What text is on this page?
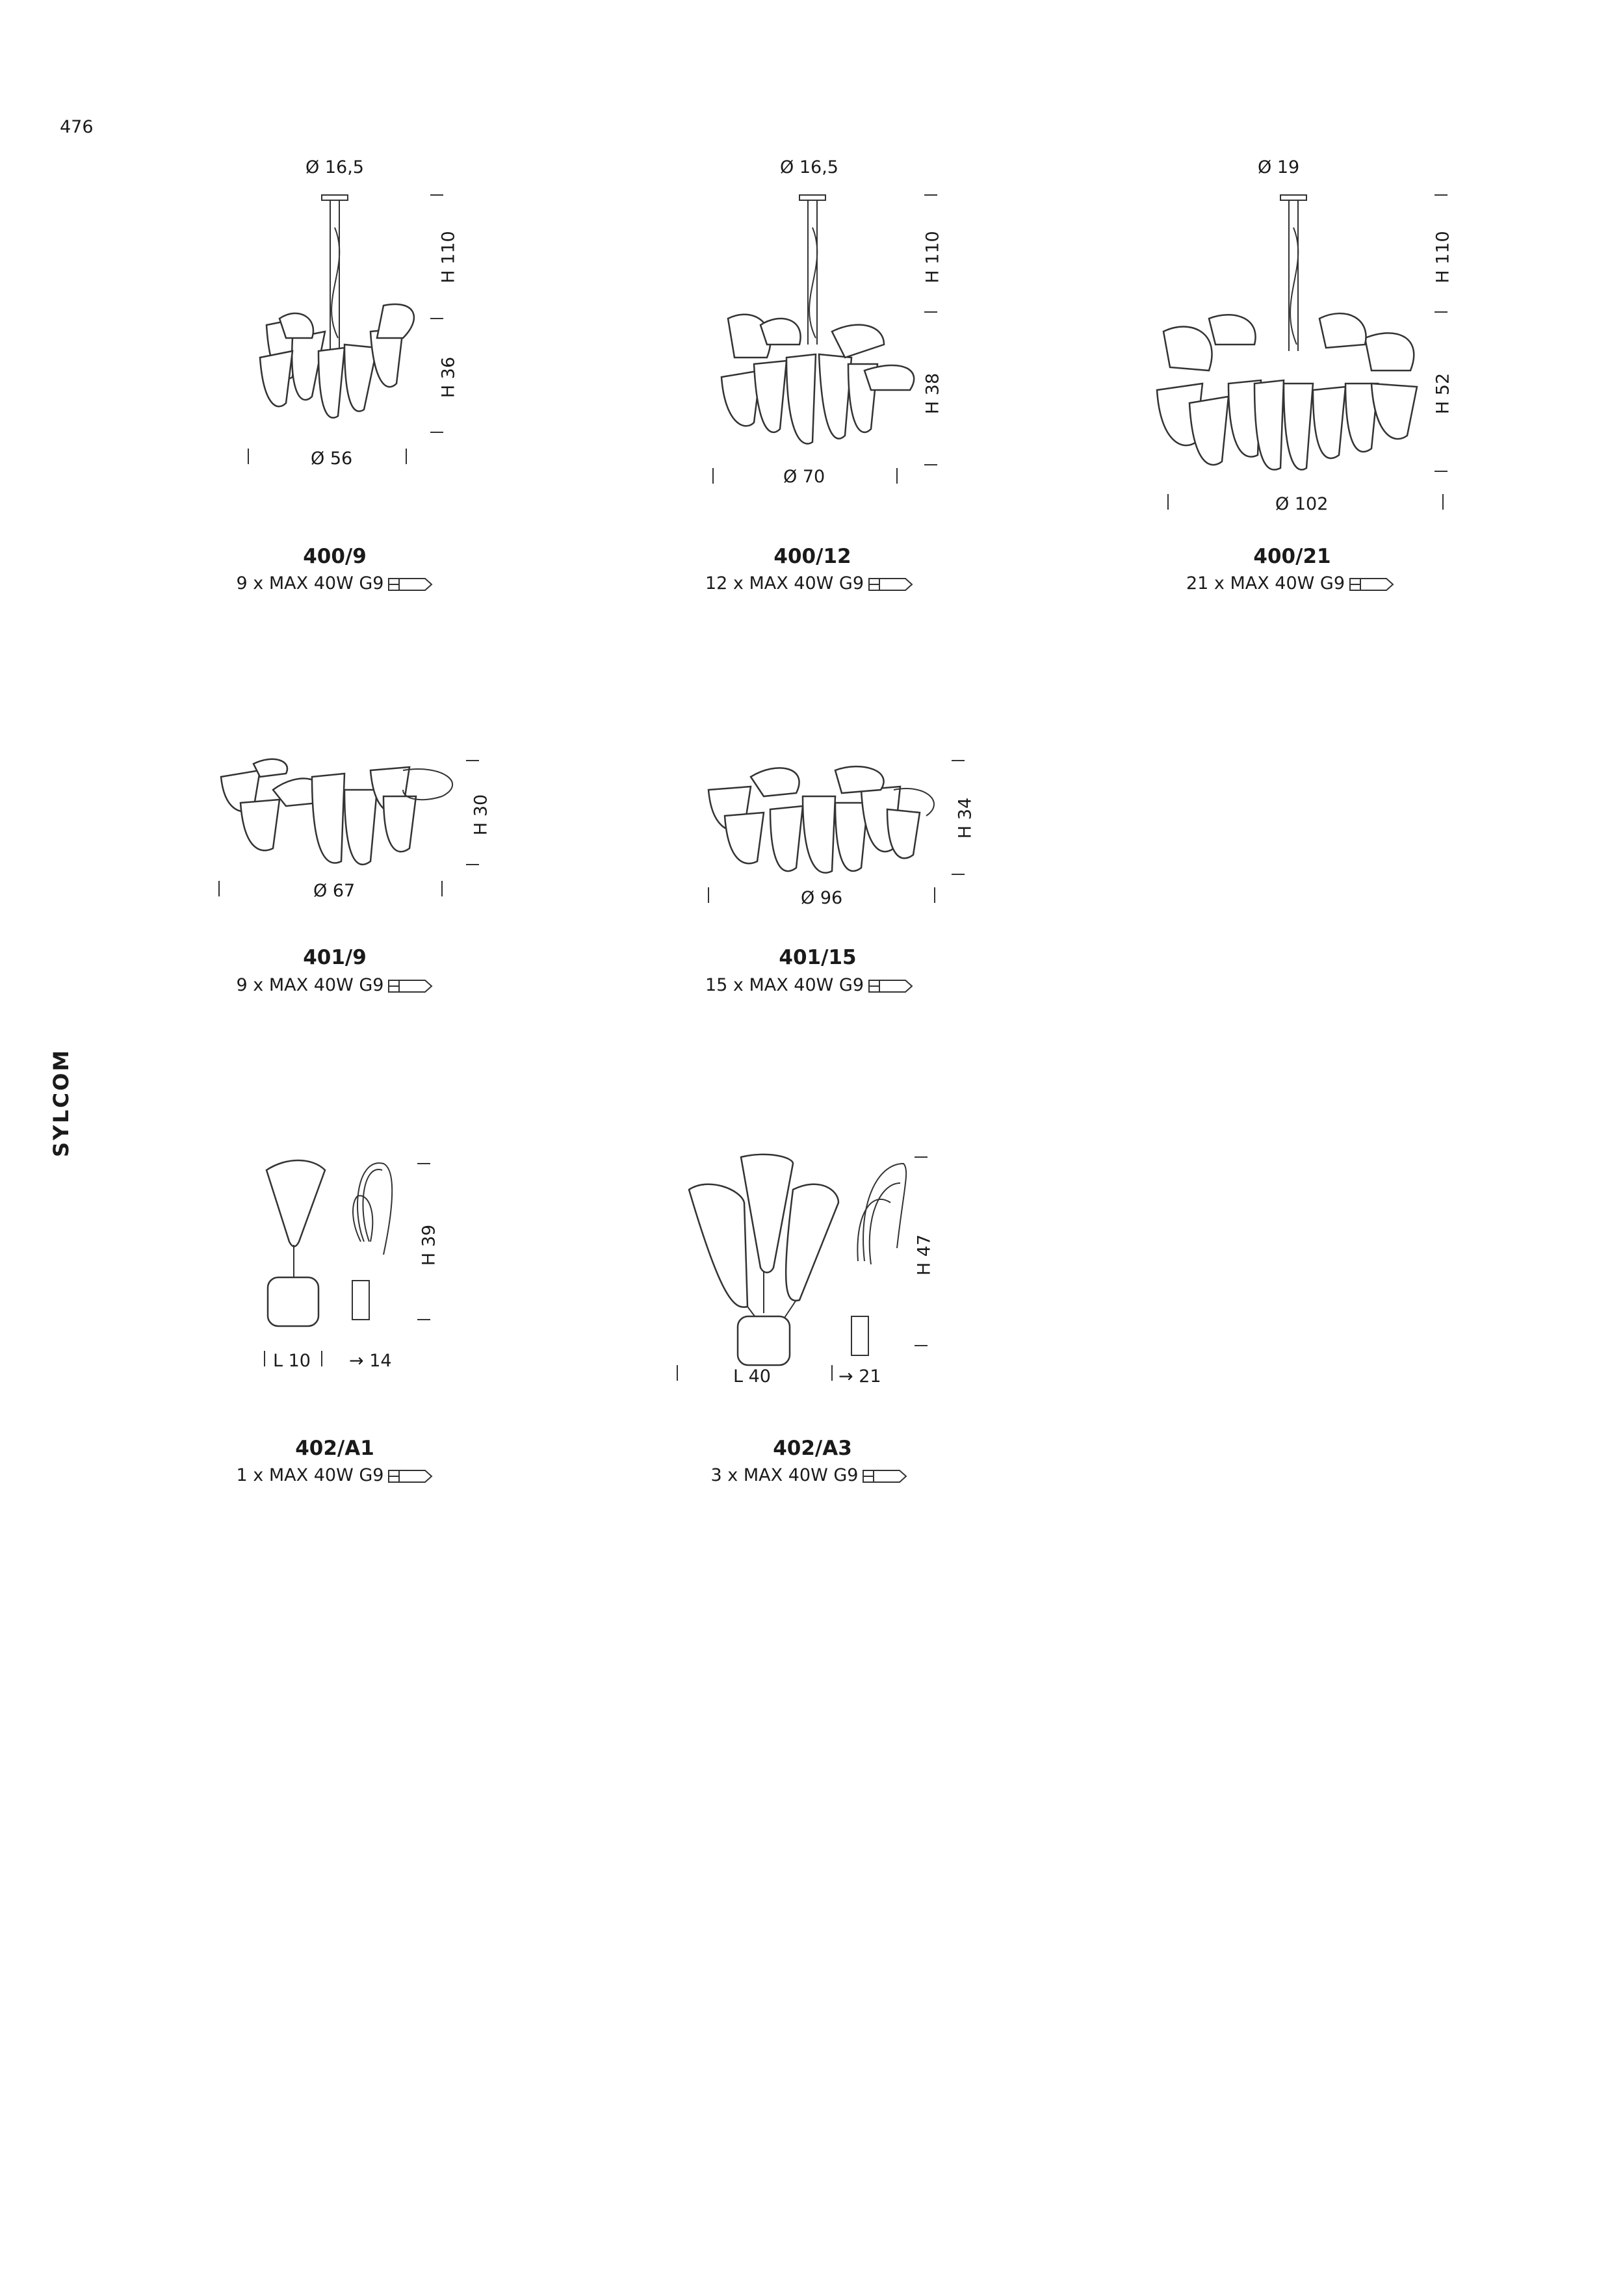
476
SYLCOM
Ø 16,5
H 110
H 36
Ø 56
400/9
9 x MAX 40W G9
Ø 16,5
H 110
H 38
Ø 70
400/12
12 x MAX 40W G9
Ø 19
H 110
H 52
Ø 102
400/21
21 x MAX 40W G9
H 30
Ø 67
401/9
9 x MAX 40W G9
H 34
Ø 96
401/15
15 x MAX 40W G9
H 39
L 10 → 14
402/A1
1 x MAX 40W G9
H 47
L 40	→ 21
402/A3
3 x MAX 40W G9
